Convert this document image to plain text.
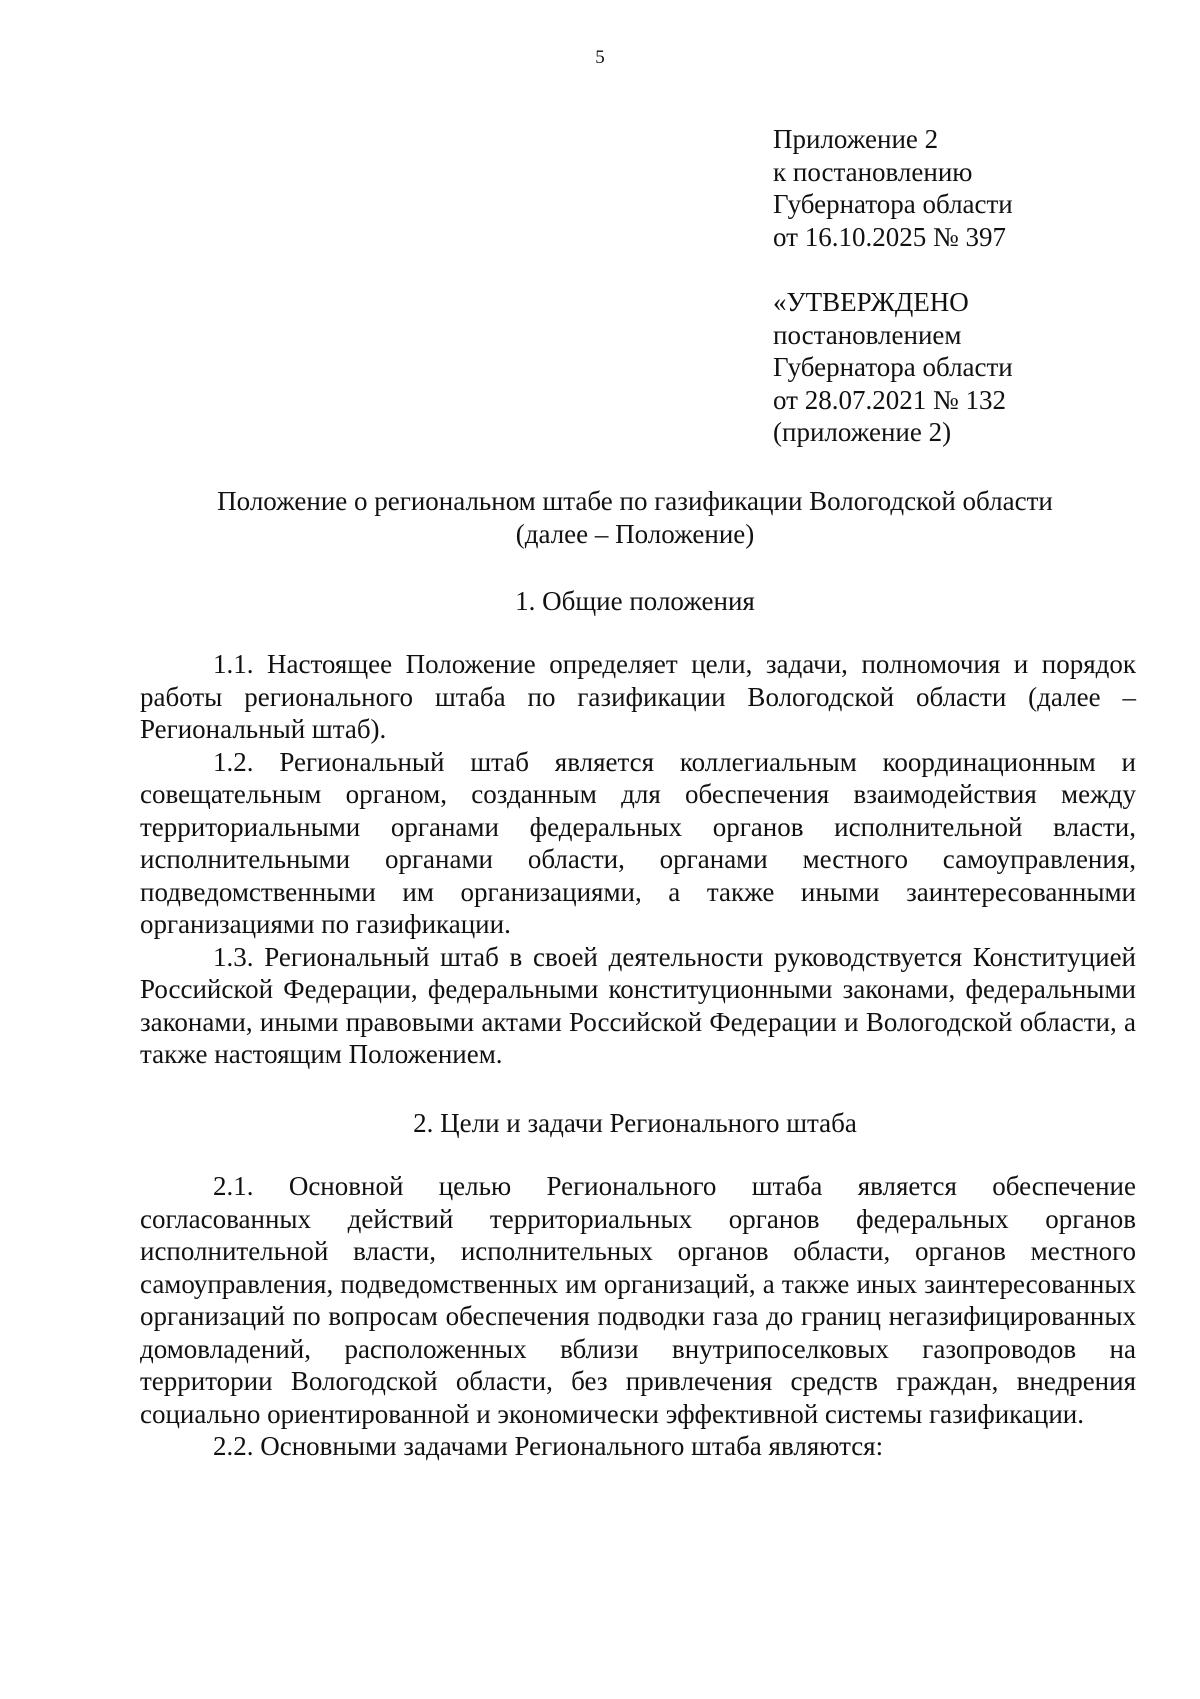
5
Приложение 2
к постановлению
Губернатора области
от 16.10.2025 № 397
«УТВЕРЖДЕНО
постановлением
Губернатора области
от 28.07.2021 № 132
(приложение 2)
Положение о региональном штабе по газификации Вологодской области
(далее – Положение)
1. Общие положения

1.1. Настоящее Положение определяет цели, задачи, полномочия и порядок работы регионального штаба по газификации Вологодской области (далее – Региональный штаб).

1.2. Региональный штаб является коллегиальным координационным и совещательным органом, созданным для обеспечения взаимодействия между территориальными органами федеральных органов исполнительной власти, исполнительными органами области, органами местного самоуправления, подведомственными им организациями, а также иными заинтересованными организациями по газификации.

1.3. Региональный штаб в своей деятельности руководствуется Конституцией Российской Федерации, федеральными конституционными законами, федеральными законами, иными правовыми актами Российской Федерации и Вологодской области, а также настоящим Положением.

2. Цели и задачи Регионального штаба

2.1. Основной целью Регионального штаба является обеспечение согласованных действий территориальных органов федеральных органов исполнительной власти, исполнительных органов области, органов местного самоуправления, подведомственных им организаций, а также иных заинтересованных организаций по вопросам обеспечения подводки газа до границ негазифицированных домовладений, расположенных вблизи внутрипоселковых газопроводов на территории Вологодской области, без привлечения средств граждан, внедрения социально ориентированной и экономически эффективной системы газификации.

2.2. Основными задачами Регионального штаба являются:
